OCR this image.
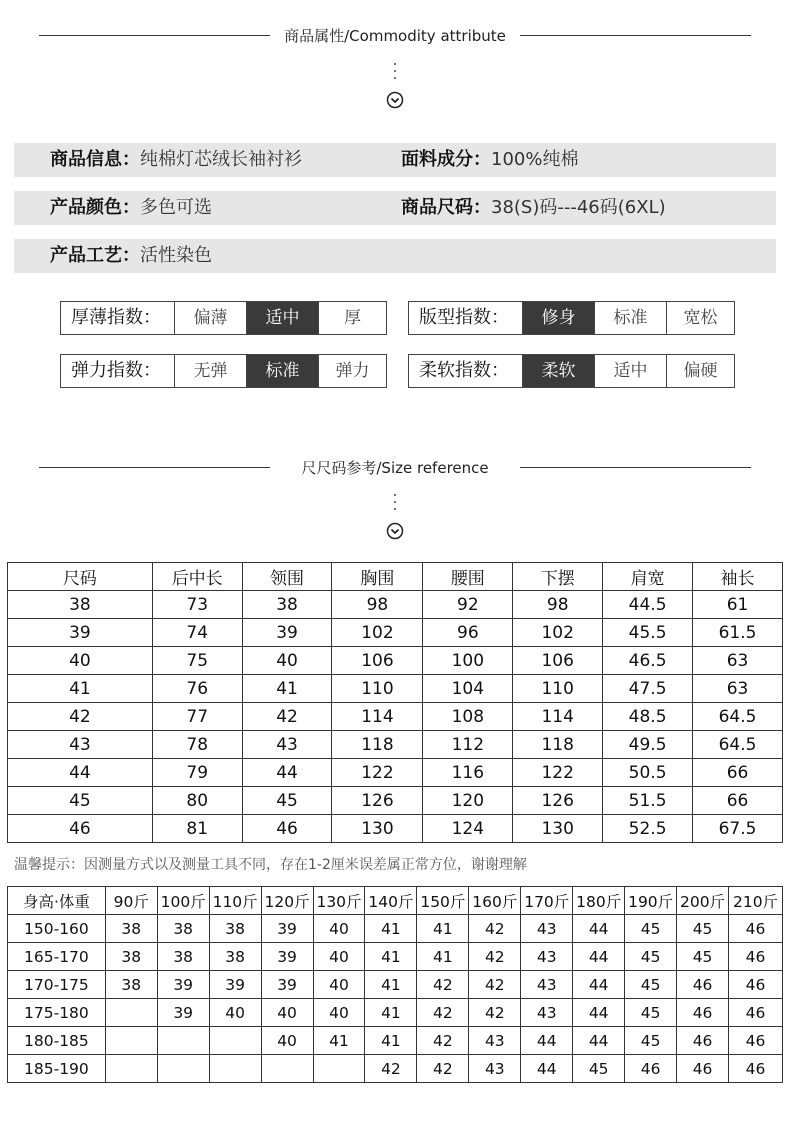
商品属性/Commodity attribute
商品信息：纯棉灯芯绒长袖衬衫	面料成分：100%纯棉
产品颜色：多色可选	商品尺码：38(S)码---46码(6XL)
产品工艺：活性染色
厚薄指数：	偏薄	适中	厚	版型指数：	修身	标准	宽松
弹力指数：	无弹	标准	弹力	柔软指数：	柔软	适中	偏硬
尺尺码参考/Size reference
尺码	后中长	领围	胸围	腰围	下摆	肩宽	袖长
38	73	38	98	92	98	44.5	61
39	74	39	102	96	102	45.5	61.5
40	75	40	106	100	106	46.5	63
41	76	41	110	104	110	47.5	63
42	77	42	114	108	114	48.5	64.5
43	78	43	118	112	118	49.5	64.5
44	79	44	122	116	122	50.5	66
45	80	45	126	120	126	51.5	66
46	81	46	130	124	130	52.5	67.5
温馨提示：因测量方式以及测量工具不同，存在1-2厘米误差属正常方位，谢谢理解
身高·体重	90斤	100斤	110斤	120斤	130斤	140斤	150斤	160斤	170斤	180斤	190斤	200斤	210斤
150-160	38	38	38	39	40	41	41	42	43	44	45	45	46
165-170	38	38	38	39	40	41	41	42	43	44	45	45	46
170-175	38	39	39	39	40	41	42	42	43	44	45	46	46
175-180		39	40	40	40	41	42	42	43	44	45	46	46
180-185				40	41	41	42	43	44	44	45	46	46
185-190						42	42	43	44	45	46	46	46
